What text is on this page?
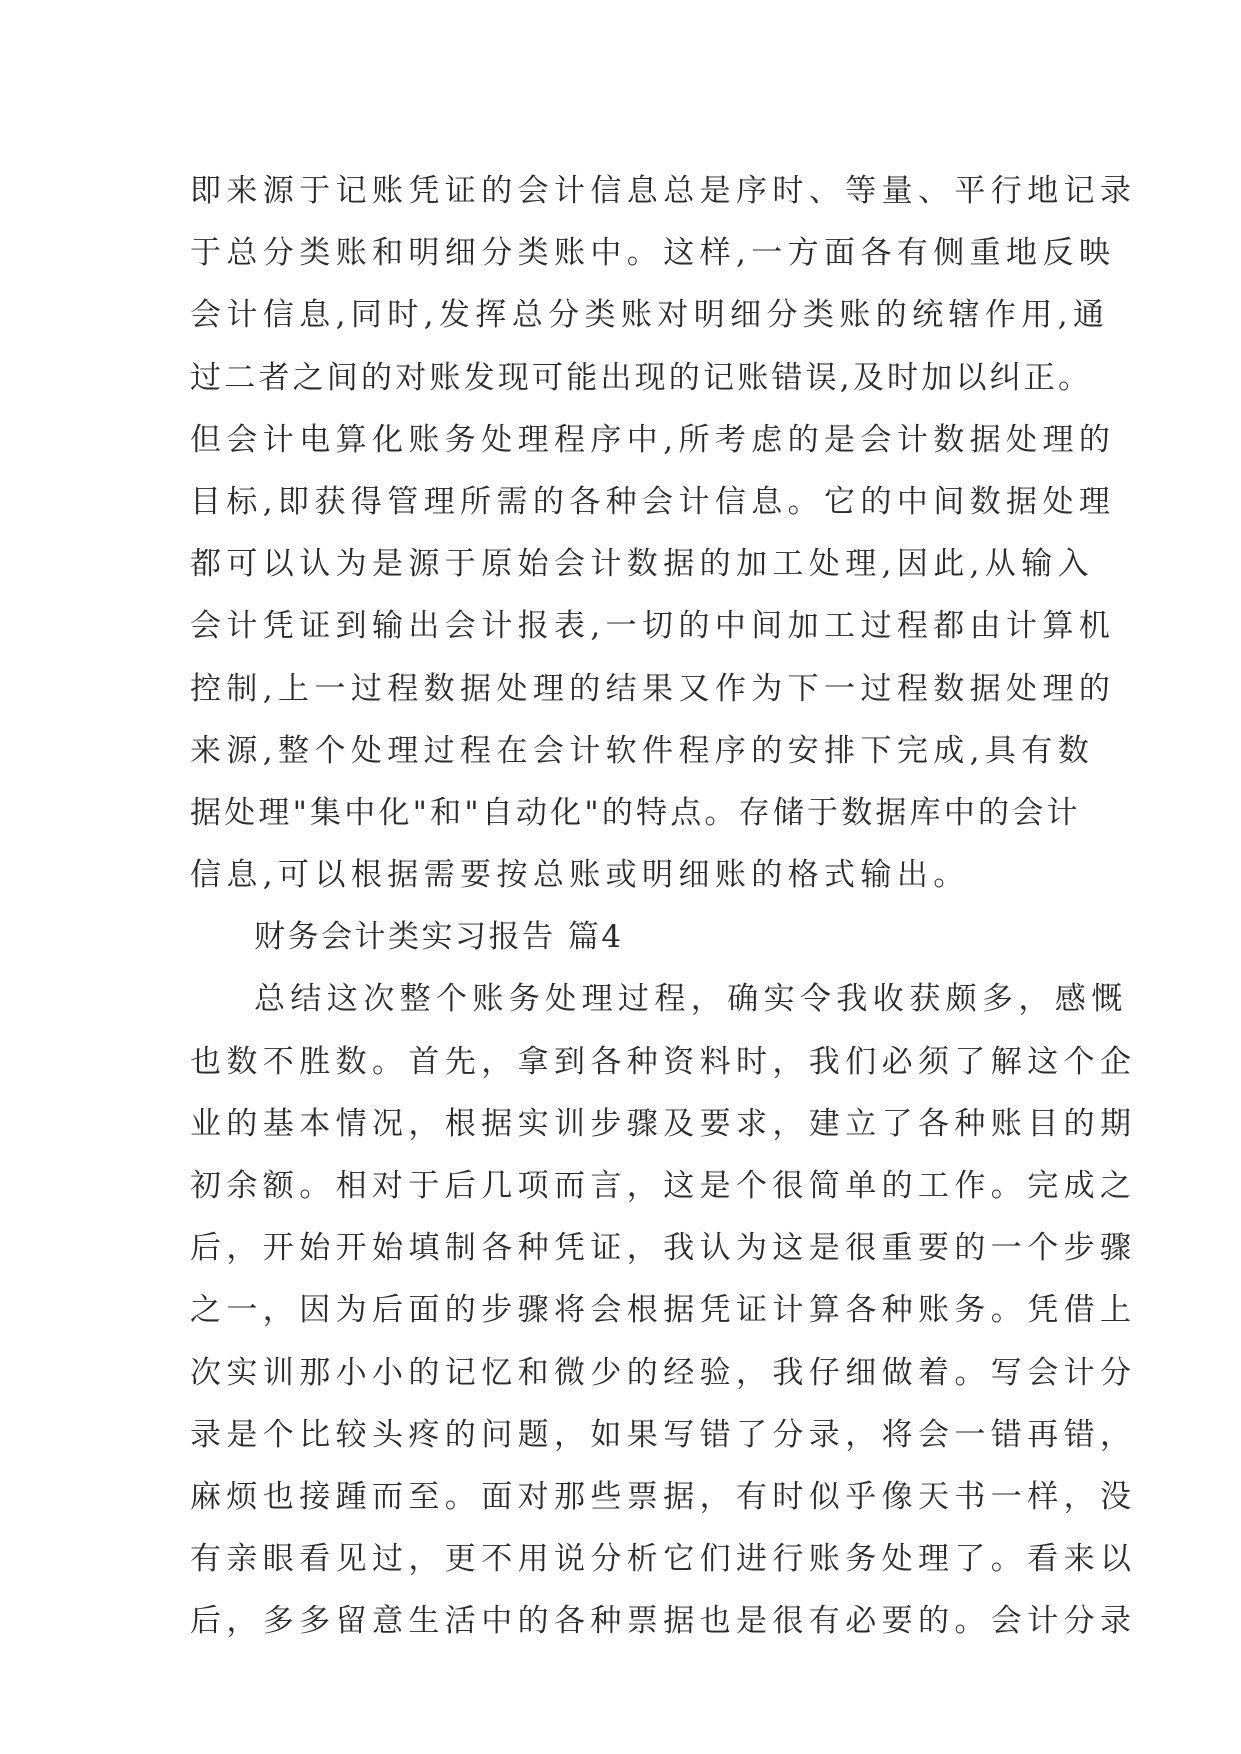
即来源于记账凭证的会计信息总是序时、等量、平行地记录
于总分类账和明细分类账中。这样,一方面各有侧重地反映
会计信息,同时,发挥总分类账对明细分类账的统辖作用,通
过二者之间的对账发现可能出现的记账错误,及时加以纠正。
但会计电算化账务处理程序中,所考虑的是会计数据处理的
目标,即获得管理所需的各种会计信息。它的中间数据处理
都可以认为是源于原始会计数据的加工处理,因此,从输入
会计凭证到输出会计报表,一切的中间加工过程都由计算机
控制,上一过程数据处理的结果又作为下一过程数据处理的
来源,整个处理过程在会计软件程序的安排下完成,具有数
据处理"集中化"和"自动化"的特点。存储于数据库中的会计
信息,可以根据需要按总账或明细账的格式输出。
财务会计类实习报告 篇4
总结这次整个账务处理过程，确实令我收获颇多，感慨
也数不胜数。首先，拿到各种资料时，我们必须了解这个企
业的基本情况，根据实训步骤及要求，建立了各种账目的期
初余额。相对于后几项而言，这是个很简单的工作。完成之
后，开始开始填制各种凭证，我认为这是很重要的一个步骤
之一，因为后面的步骤将会根据凭证计算各种账务。凭借上
次实训那小小的记忆和微少的经验，我仔细做着。写会计分
录是个比较头疼的问题，如果写错了分录，将会一错再错，
麻烦也接踵而至。面对那些票据，有时似乎像天书一样，没
有亲眼看见过，更不用说分析它们进行账务处理了。看来以
后，多多留意生活中的各种票据也是很有必要的。会计分录
